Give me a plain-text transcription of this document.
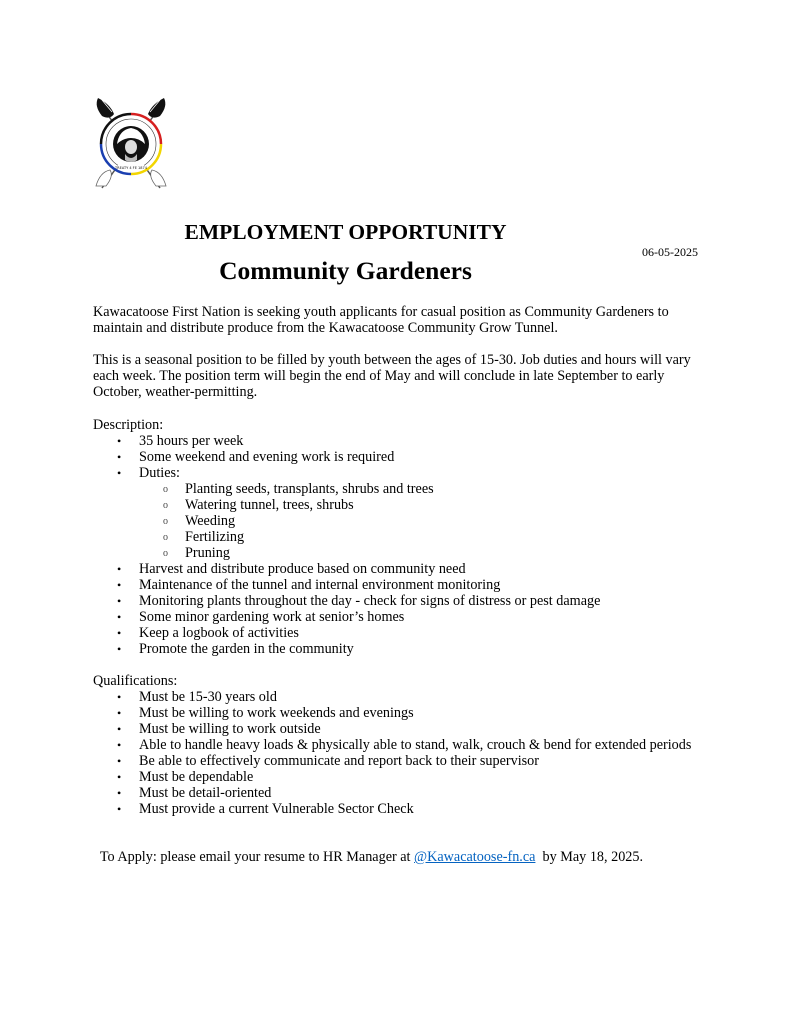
TREATY 4 FE 1874
EMPLOYMENT OPPORTUNITY
06-05-2025
Community Gardeners
Kawacatoose First Nation is seeking youth applicants for casual position as Community Gardeners to
maintain and distribute produce from the Kawacatoose Community Grow Tunnel.
This is a seasonal position to be filled by youth between the ages of 15-30. Job duties and hours will vary
each week. The position term will begin the end of May and will conclude in late September to early
October, weather-permitting.
Description:
• 35 hours per week
• Some weekend and evening work is required
• Duties:
o Planting seeds, transplants, shrubs and trees
o Watering tunnel, trees, shrubs
o Weeding
o Fertilizing
o Pruning
• Harvest and distribute produce based on community need
• Maintenance of the tunnel and internal environment monitoring
• Monitoring plants throughout the day - check for signs of distress or pest damage
• Some minor gardening work at senior’s homes
• Keep a logbook of activities
• Promote the garden in the community
Qualifications:
• Must be 15-30 years old
• Must be willing to work weekends and evenings
• Must be willing to work outside
• Able to handle heavy loads & physically able to stand, walk, crouch & bend for extended periods
• Be able to effectively communicate and report back to their supervisor
• Must be dependable
• Must be detail-oriented
• Must provide a current Vulnerable Sector Check

To Apply: please email your resume to HR Manager at @Kawacatoose-fn.ca  by May 18, 2025.
